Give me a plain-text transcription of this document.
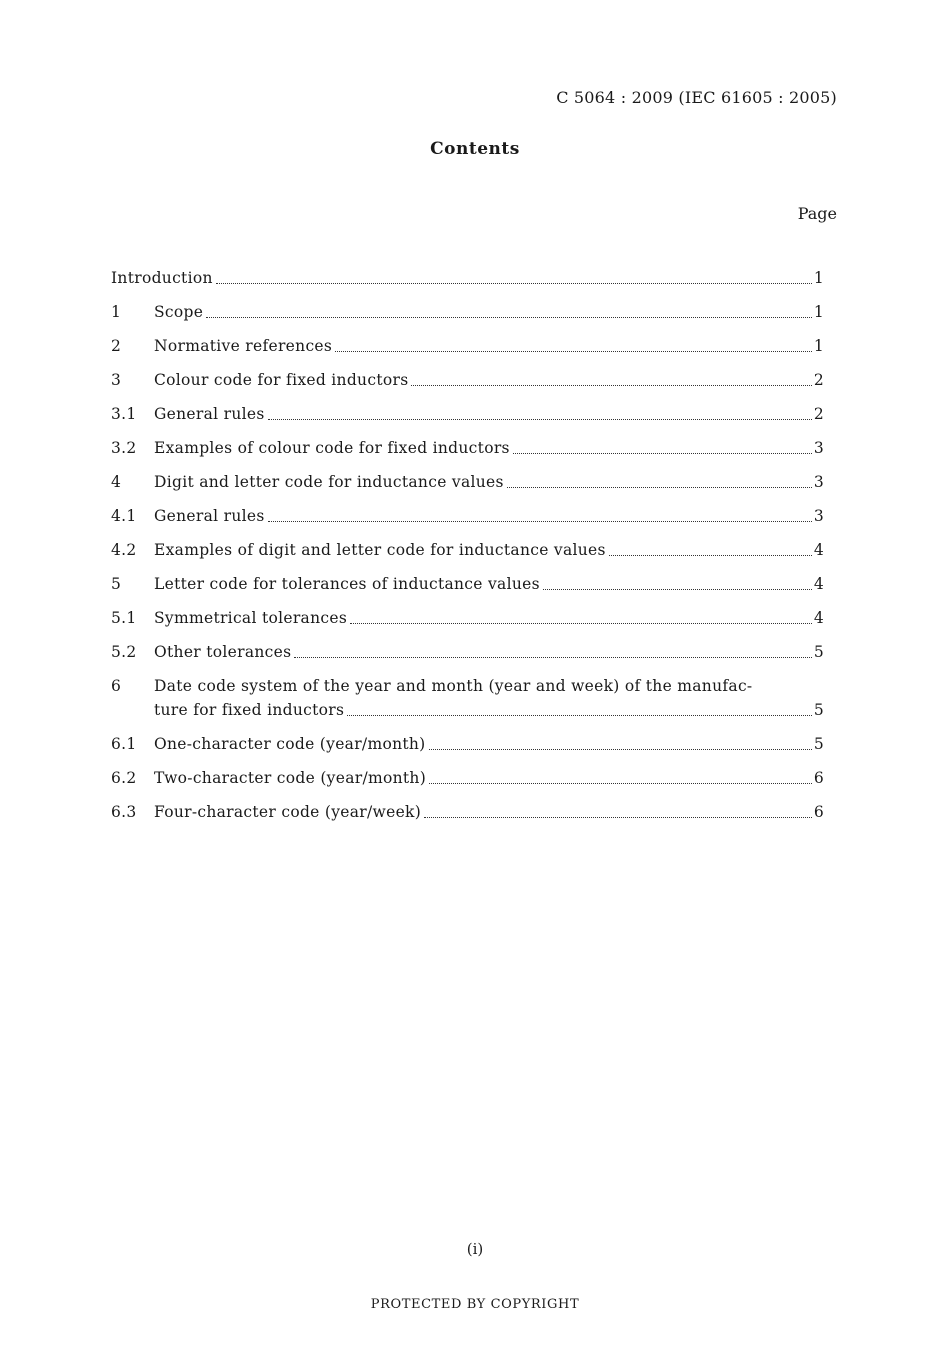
C 5064 : 2009 (IEC 61605 : 2005)
Contents
Page
Introduction	1
1	Scope	1
2	Normative references	1
3	Colour code for fixed inductors	2
3.1	General rules	2
3.2	Examples of colour code for fixed inductors	3
4	Digit and letter code for inductance values	3
4.1	General rules	3
4.2	Examples of digit and letter code for inductance values	4
5	Letter code for tolerances of inductance values	4
5.1	Symmetrical tolerances	4
5.2	Other tolerances	5
6	Date code system of the year and month (year and week) of the manufac-
ture for fixed inductors	5
6.1	One-character code (year/month)	5
6.2	Two-character code (year/month)	6
6.3	Four-character code (year/week)	6
(i)
PROTECTED BY COPYRIGHT
